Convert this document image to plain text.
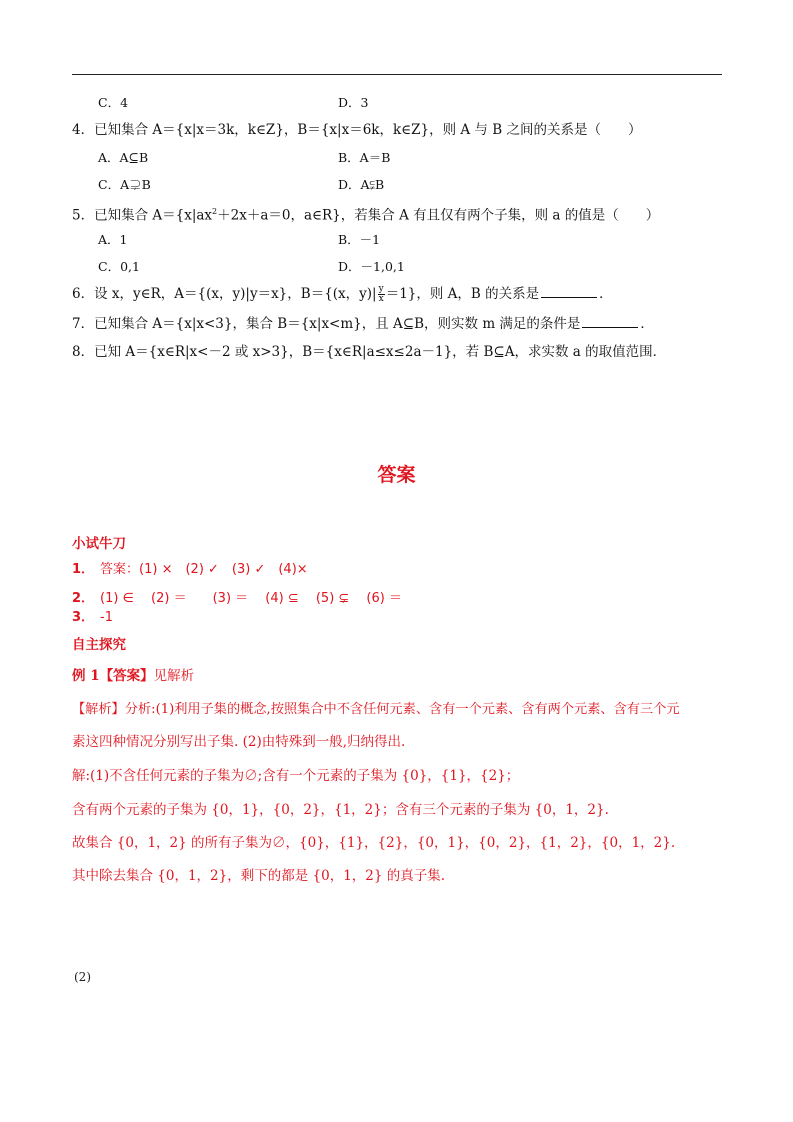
C．4	D．3
4．已知集合 A＝{x|x＝3k，k∈Z}，B＝{x|x＝6k，k∈Z}，则 A 与 B 之间的关系是（　　）
A．A⊆B	B．A＝B
C．A⊋B	D．A⫋B
5．已知集合 $A=\{x|ax^2+2x+a=0$，a∈R}，若集合 A 有且仅有两个子集，则 a 的值是（　　）
A．1	B．－1
C．0,1	D．－1,0,1
6．设 x，y∈R，A＝{(x，y)|y＝x}，B＝{(x，$y)| \frac{y}{x} =1$}，则 A，B 的关系是	．
7．已知集合 A＝{x|x<3}，集合 B＝{x|x<m}，且 A⊆B，则实数 m 满足的条件是	．
8．已知 A＝{x∈R|x<－2 或 x>3}，B＝{x∈R|a≤x≤2a－1}，若 B⊆A，求实数 a 的取值范围．
答案
小试牛刀
1． 答案：(1) ×　(2) ✓　(3) ✓　(4)×
2． (1) ∈　 (2) ＝　　(3) ＝　 (4) ⊆　 (5) ⊊　 (6) ＝
3． -1
自主探究
例 1【答案】见解析
【解析】分析:(1)利用子集的概念,按照集合中不含任何元素、含有一个元素、含有两个元素、含有三个元
素这四种情况分别写出子集. (2)由特殊到一般,归纳得出.
解:(1)不含任何元素的子集为∅;含有一个元素的子集为 {0}，{1}，{2}；
含有两个元素的子集为 {0，1}，{0，2}，{1，2}；含有三个元素的子集为 {0，1，2}.
故集合 {0，1，2} 的所有子集为∅，{0}，{1}，{2}，{0，1}，{0，2}，{1，2}，{0，1，2}.
其中除去集合 {0，1，2}，剩下的都是 {0，1，2} 的真子集.
(2)
